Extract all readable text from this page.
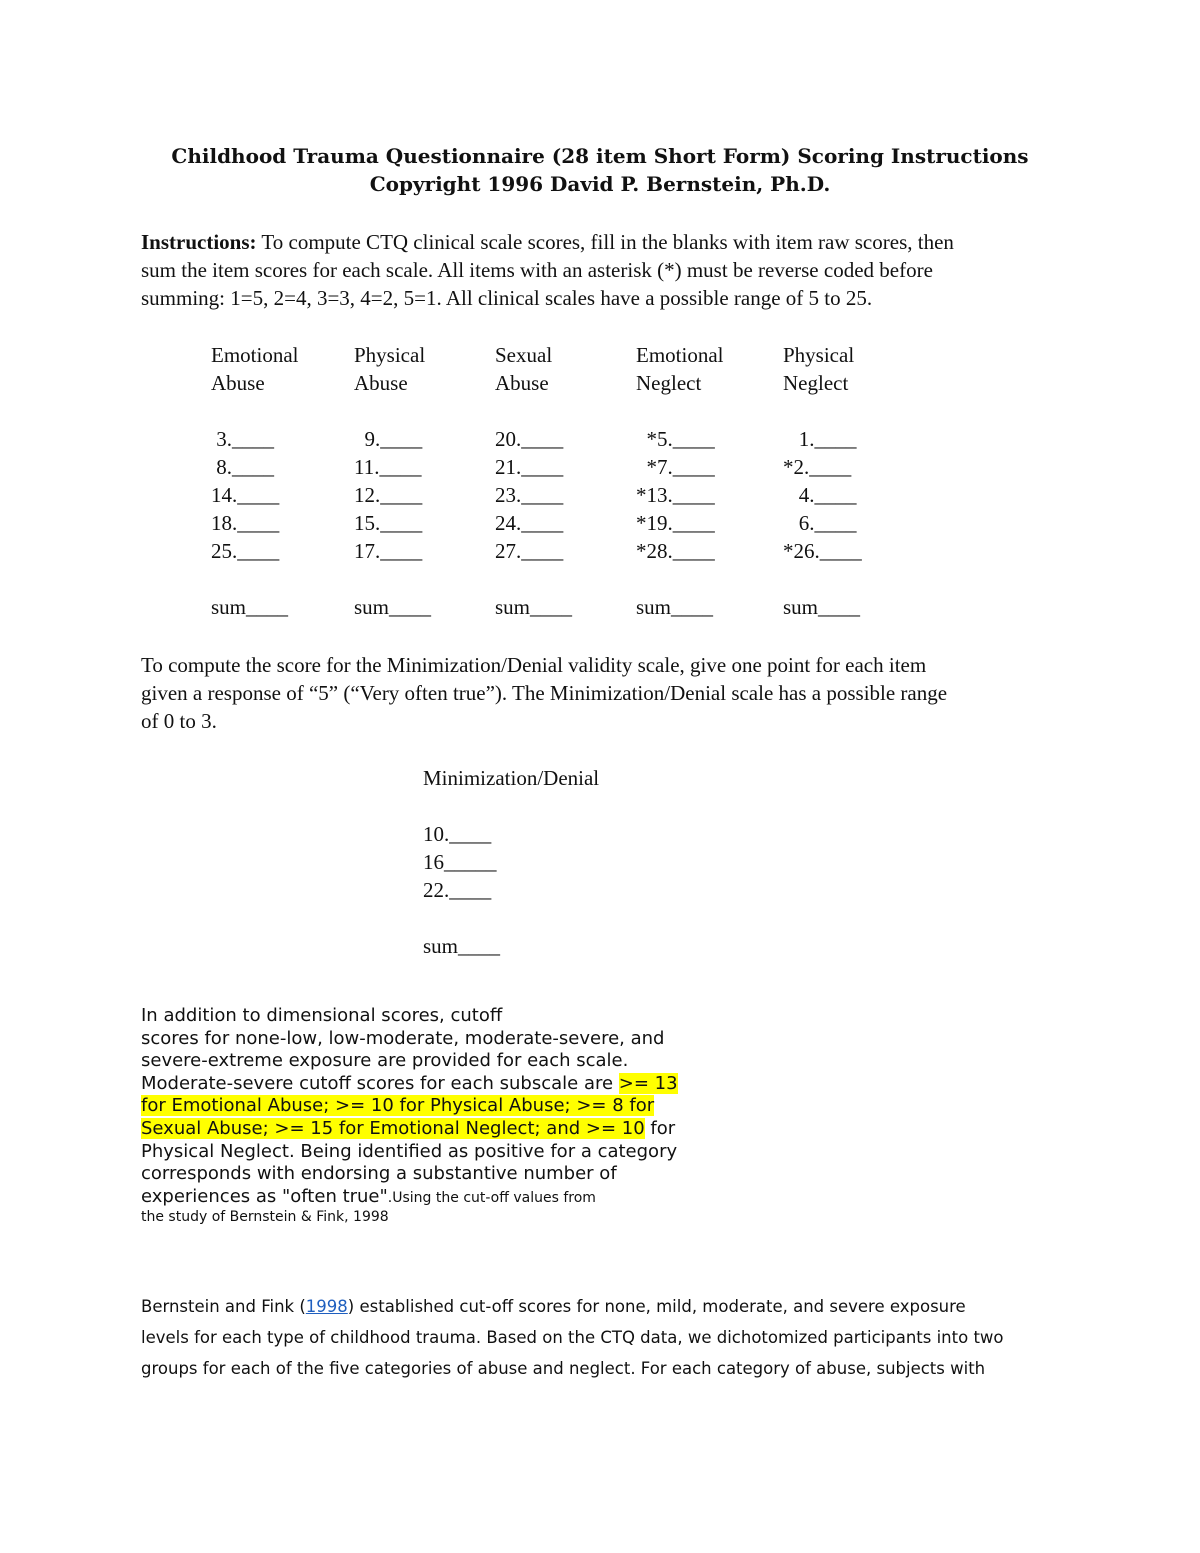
Childhood Trauma Questionnaire (28 item Short Form) Scoring Instructions
Copyright 1996 David P. Bernstein, Ph.D.
Instructions: To compute CTQ clinical scale scores, fill in the blanks with item raw scores, then
sum the item scores for each scale. All items with an asterisk (*) must be reverse coded before
summing: 1=5, 2=4, 3=3, 4=2, 5=1. All clinical scales have a possible range of 5 to 25.
Emotional
Abuse
3.____
8.____
14.____
18.____
25.____
sum____
Physical
Abuse
9.____
11.____
12.____
15.____
17.____
sum____
Sexual
Abuse
20.____
21.____
23.____
24.____
27.____
sum____
Emotional
Neglect
*5.____
*7.____
*13.____
*19.____
*28.____
sum____
Physical
Neglect
1.____
*2.____
4.____
6.____
*26.____
sum____
To compute the score for the Minimization/Denial validity scale, give one point for each item
given a response of “5” (“Very often true”). The Minimization/Denial scale has a possible range
of 0 to 3.
Minimization/Denial
10.____
16_____
22.____
sum____
In addition to dimensional scores, cutoff
scores for none-low, low-moderate, moderate-severe, and
severe-extreme exposure are provided for each scale.
Moderate-severe cutoff scores for each subscale are >= 13
for Emotional Abuse; >= 10 for Physical Abuse; >= 8 for
Sexual Abuse; >= 15 for Emotional Neglect; and >= 10 for
Physical Neglect. Being identified as positive for a category
corresponds with endorsing a substantive number of
experiences as "often true".Using the cut-off values from
the study of Bernstein & Fink, 1998
Bernstein and Fink (1998) established cut-off scores for none, mild, moderate, and severe exposure
levels for each type of childhood trauma. Based on the CTQ data, we dichotomized participants into two
groups for each of the five categories of abuse and neglect. For each category of abuse, subjects with
